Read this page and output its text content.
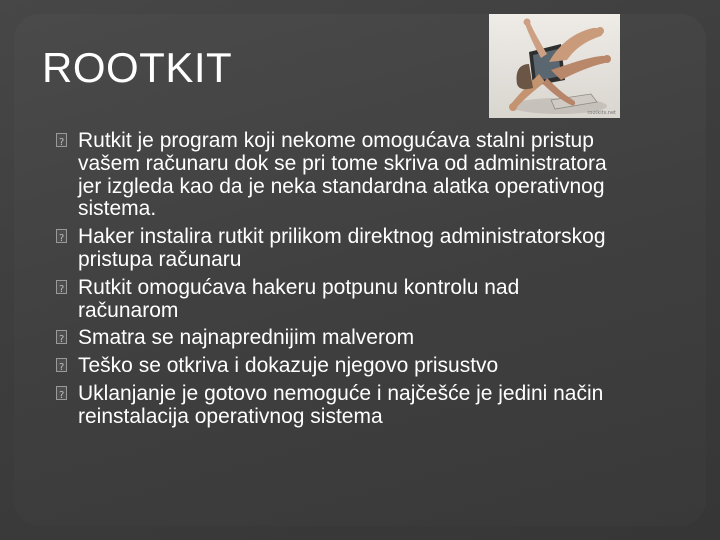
ROOTKIT
rootkits.net
?
Rutkit je program koji nekome omogućava stalni pristup vašem računaru dok se pri tome skriva od administratora jer izgleda kao da je neka standardna alatka operativnog sistema.
?
Haker instalira rutkit prilikom direktnog administratorskog pristupa računaru
?
Rutkit omogućava hakeru potpunu kontrolu nad računarom
?
Smatra se najnaprednijim malverom
?
Teško se otkriva i dokazuje njegovo prisustvo
?
Uklanjanje je gotovo nemoguće i najčešće je jedini način reinstalacija operativnog sistema
